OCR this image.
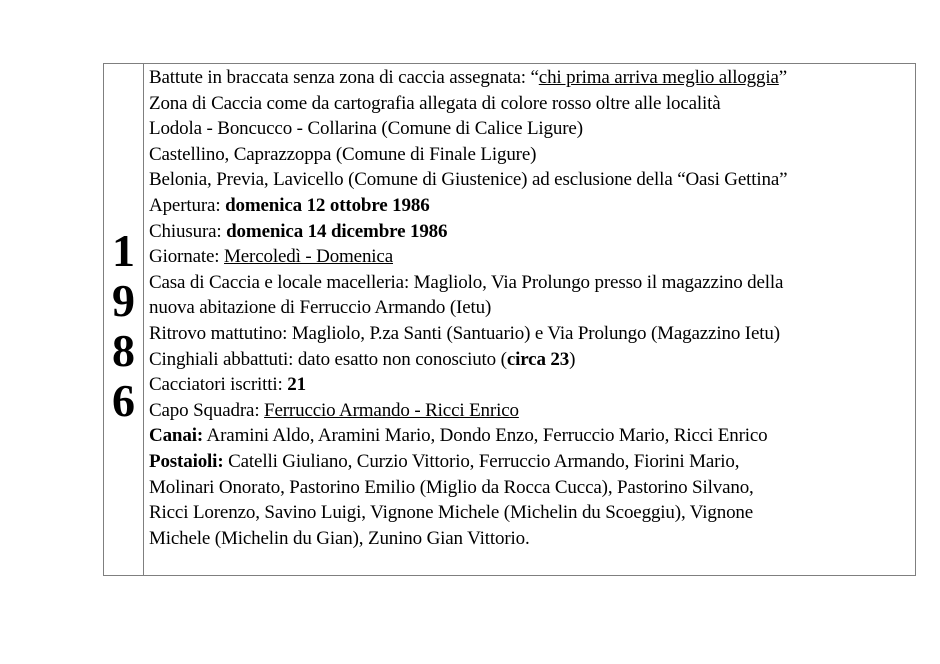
1
9
8
6
Battute in braccata senza zona di caccia assegnata: “chi prima arriva meglio alloggia”
Zona di Caccia come da cartografia allegata di colore rosso oltre alle località
Lodola - Boncucco - Collarina (Comune di Calice Ligure)
Castellino, Caprazzoppa (Comune di Finale Ligure)
Belonia, Previa, Lavicello (Comune di Giustenice) ad esclusione della “Oasi Gettina”
Apertura: domenica 12 ottobre 1986
Chiusura: domenica 14 dicembre 1986
Giornate: Mercoledì - Domenica
Casa di Caccia e locale macelleria: Magliolo, Via Prolungo presso il magazzino della
nuova abitazione di Ferruccio Armando (Ietu)
Ritrovo mattutino: Magliolo, P.za Santi (Santuario) e Via Prolungo (Magazzino Ietu)
Cinghiali abbattuti: dato esatto non conosciuto (circa 23)
Cacciatori iscritti: 21
Capo Squadra: Ferruccio Armando - Ricci Enrico
Canai: Aramini Aldo, Aramini Mario, Dondo Enzo, Ferruccio Mario, Ricci Enrico
Postaioli: Catelli Giuliano, Curzio Vittorio, Ferruccio Armando, Fiorini Mario,
Molinari Onorato, Pastorino Emilio (Miglio da Rocca Cucca), Pastorino Silvano,
Ricci Lorenzo, Savino Luigi, Vignone Michele (Michelin du Scoeggiu), Vignone
Michele (Michelin du Gian), Zunino Gian Vittorio.
